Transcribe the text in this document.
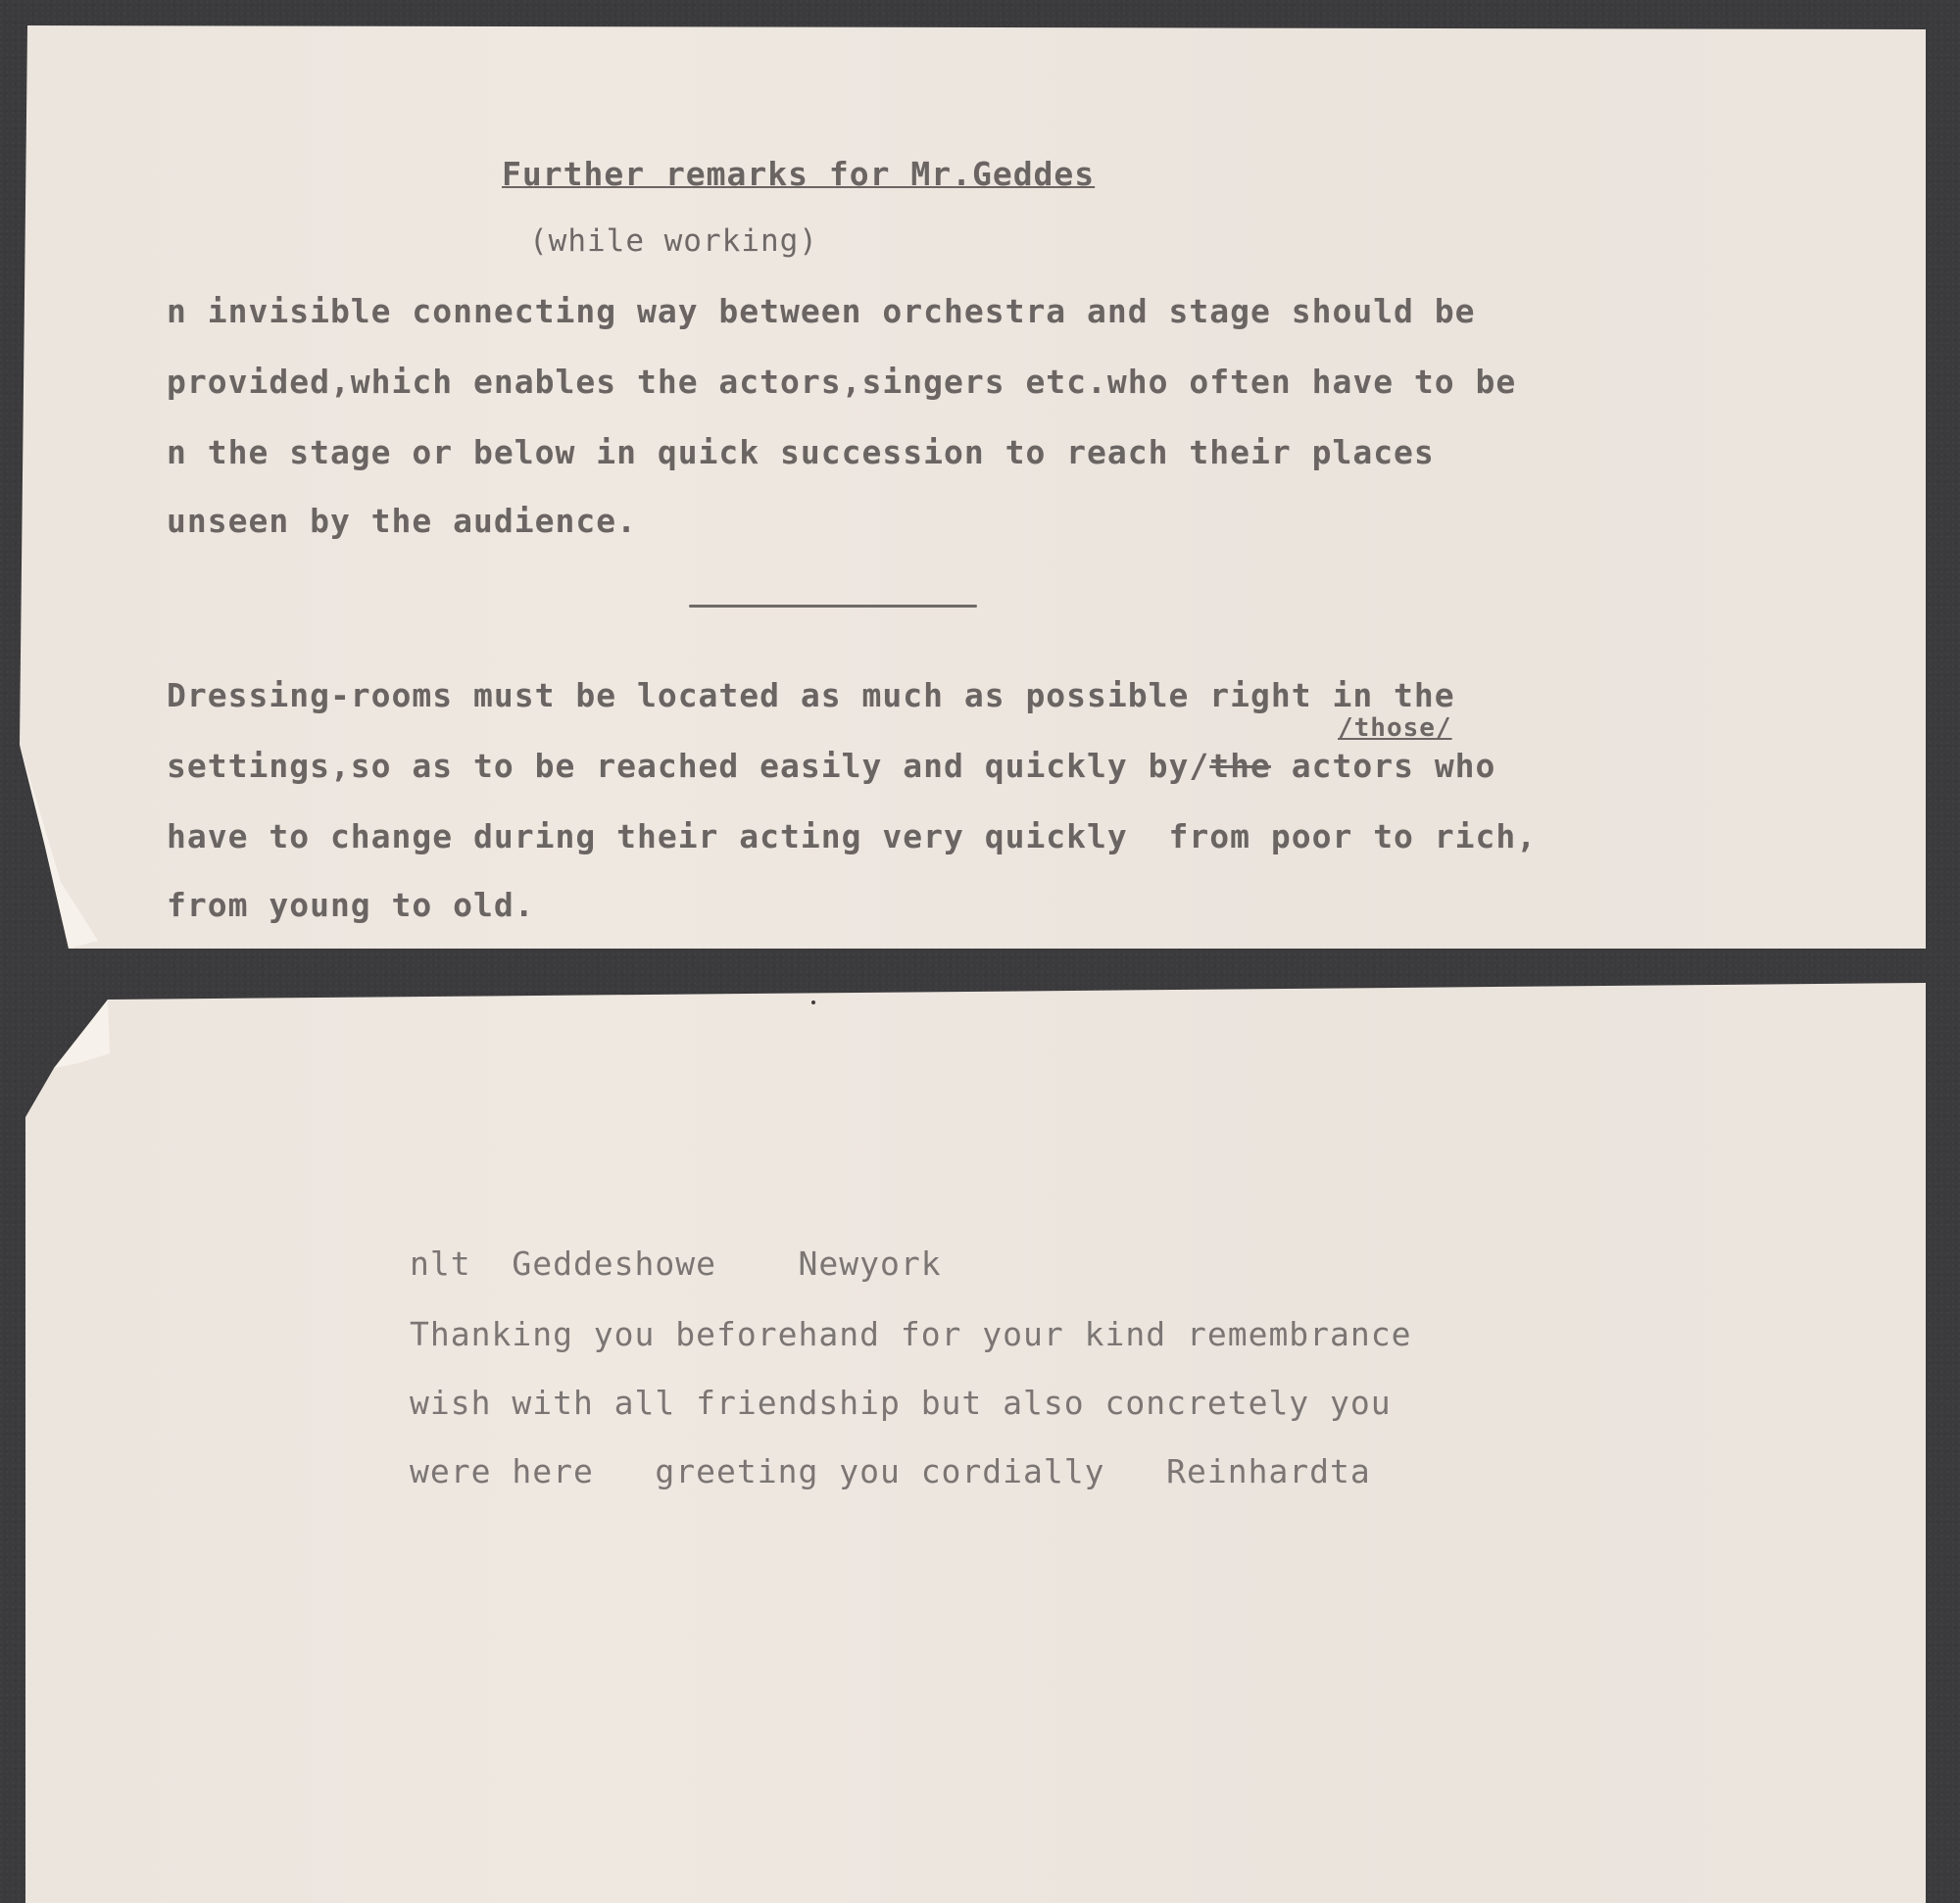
Further remarks for Mr.Geddes

(while working)

n invisible connecting way between orchestra and stage should be

provided,which enables the actors,singers etc.who often have to be

n the stage or below in quick succession to reach their places

unseen by the audience.

Dressing-rooms must be located as much as possible right in the

/those/

settings,so as to be reached easily and quickly by/the actors who

have to change during their acting very quickly  from poor to rich,

from young to old.

nlt  Geddeshowe    Newyork

Thanking you beforehand for your kind remembrance

wish with all friendship but also concretely you

were here   greeting you cordially   Reinhardta
